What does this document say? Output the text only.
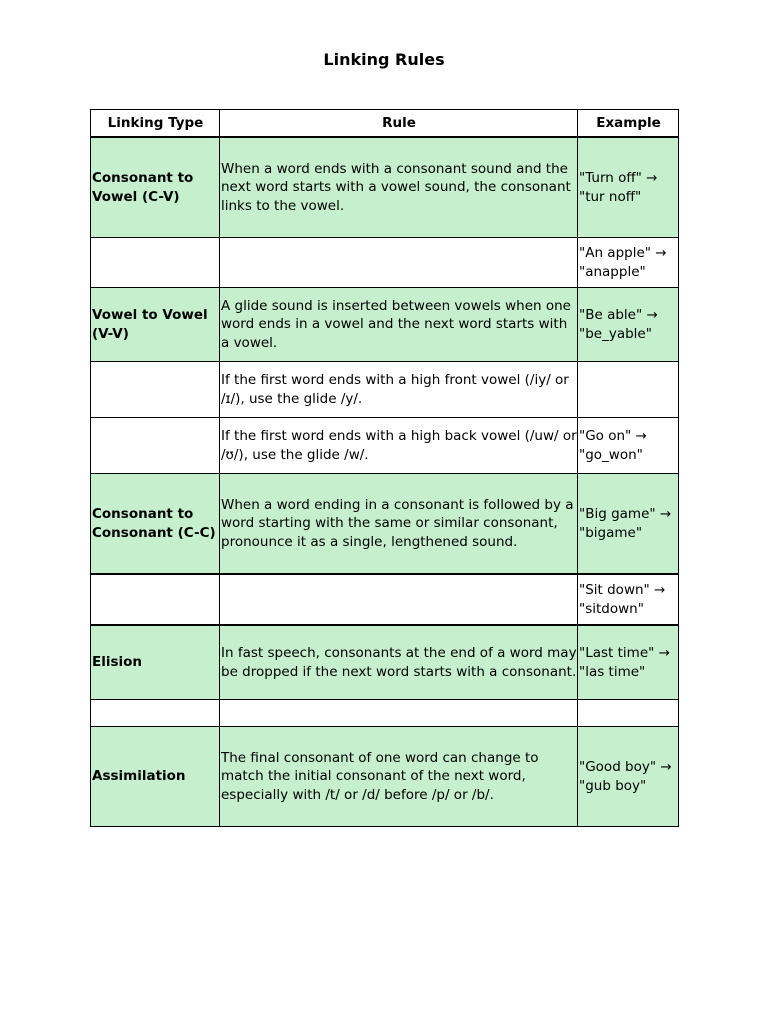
Linking Rules
Linking Type	Rule	Example
Consonant to Vowel (C-V)	When a word ends with a consonant sound and the next word starts with a vowel sound, the consonant links to the vowel.	"Turn off" → "tur noff"
		"An apple" → "anapple"
Vowel to Vowel (V-V)	A glide sound is inserted between vowels when one word ends in a vowel and the next word starts with a vowel.	"Be able" → "be_yable"
	If the first word ends with a high front vowel (/iy/ or /ɪ/), use the glide /y/.	
	If the first word ends with a high back vowel (/uw/ or /ʊ/), use the glide /w/.	"Go on" → "go_won"
Consonant to Consonant (C-C)	When a word ending in a consonant is followed by a word starting with the same or similar consonant, pronounce it as a single, lengthened sound.	"Big game" → "bigame"
		"Sit down" → "sitdown"
Elision	In fast speech, consonants at the end of a word may be dropped if the next word starts with a consonant.	"Last time" → "las time"

Assimilation	The final consonant of one word can change to match the initial consonant of the next word, especially with /t/ or /d/ before /p/ or /b/.	"Good boy" → "gub boy"
